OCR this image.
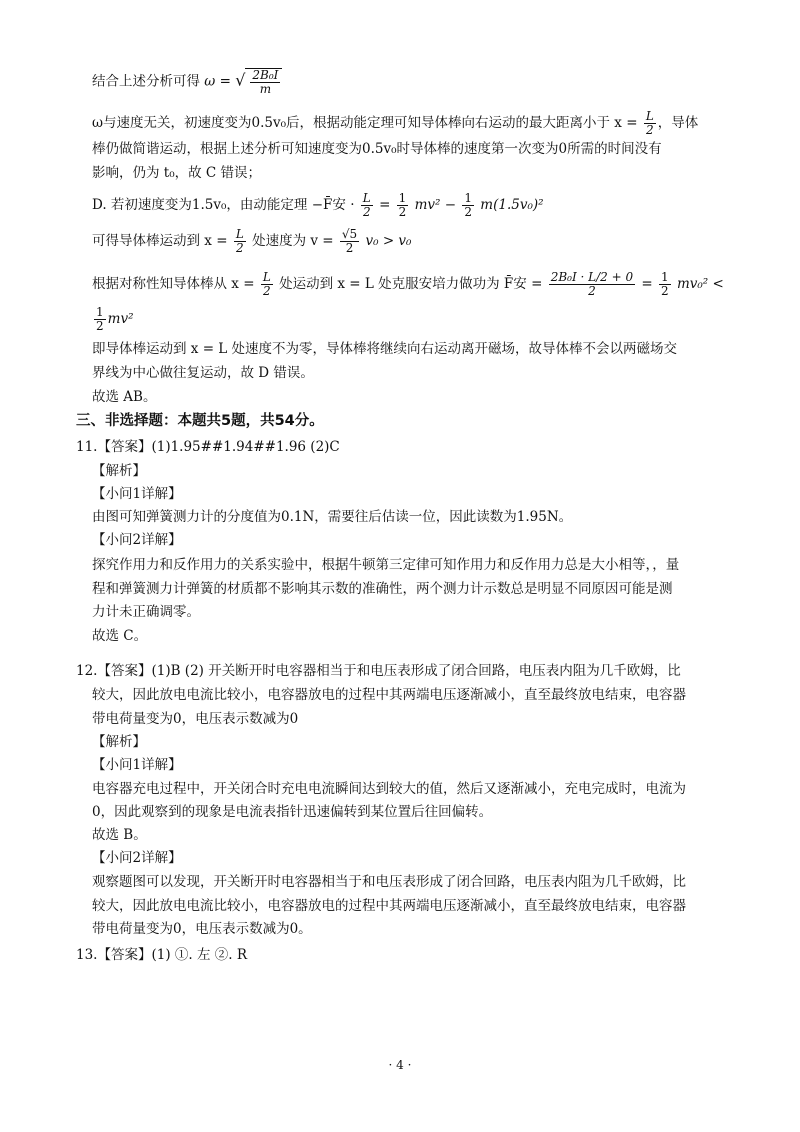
结合上述分析可得 ω = √ $\frac{\text{2B₀I}}{m}$
ω与速度无关，初速度变为0.5v₀后，根据动能定理可知导体棒向右运动的最大距离小于 $x = \frac{L}{2}$ ，导体
棒仍做简谐运动，根据上述分析可知速度变为0.5v₀时导体棒的速度第一次变为0所需的时间没有
影响，仍为 t₀，故 C 错误；
D. 若初速度变为1.5v₀，由动能定理 −F̄安 · $\frac{L}{2} = \frac{1}{2} mv^2 - \frac{1}{2} m(1.5v_0)^2$
可得导体棒运动到 $x = \frac{L}{2}$ 处速度为 $v = \frac{√5}{2} v_0 > v_0$
根据对称性知导体棒从 $x = \frac{L}{2}$ 处运动到 x = L 处克服安培力做功为 F̄安 = $\frac{\text{2B₀I · L/2 + 0}}{2} = \frac{1}{2} mv_0^2$ <
$\frac{1}{2} mv^2$
即导体棒运动到 x = L 处速度不为零，导体棒将继续向右运动离开磁场，故导体棒不会以两磁场交
界线为中心做往复运动，故 D 错误。
故选 AB。
三、非选择题：本题共5题，共54分。
11.【答案】(1)1.95##1.94##1.96 (2)C
【解析】
【小问1详解】
由图可知弹簧测力计的分度值为0.1N，需要往后估读一位，因此读数为1.95N。
【小问2详解】
探究作用力和反作用力的关系实验中，根据牛顿第三定律可知作用力和反作用力总是大小相等，，量
程和弹簧测力计弹簧的材质都不影响其示数的准确性，两个测力计示数总是明显不同原因可能是测
力计未正确调零。
故选 C。
12.【答案】(1)B (2) 开关断开时电容器相当于和电压表形成了闭合回路，电压表内阻为几千欧姆，比
较大，因此放电电流比较小，电容器放电的过程中其两端电压逐渐减小，直至最终放电结束，电容器
带电荷量变为0，电压表示数减为0
【解析】
【小问1详解】
电容器充电过程中，开关闭合时充电电流瞬间达到较大的值，然后又逐渐减小，充电完成时，电流为
0，因此观察到的现象是电流表指针迅速偏转到某位置后往回偏转。
故选 B。
【小问2详解】
观察题图可以发现，开关断开时电容器相当于和电压表形成了闭合回路，电压表内阻为几千欧姆，比
较大，因此放电电流比较小，电容器放电的过程中其两端电压逐渐减小，直至最终放电结束，电容器
带电荷量变为0，电压表示数减为0。
13.【答案】(1) ①. 左 ②. R
· 4 ·
